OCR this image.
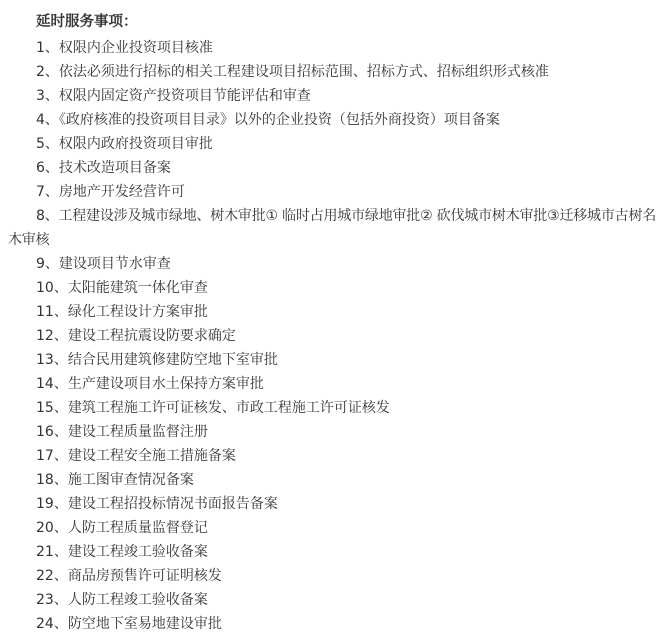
延时服务事项：
1、权限内企业投资项目核准
2、依法必须进行招标的相关工程建设项目招标范围、招标方式、招标组织形式核准
3、权限内固定资产投资项目节能评估和审查
4、《政府核准的投资项目目录》以外的企业投资（包括外商投资）项目备案
5、权限内政府投资项目审批
6、技术改造项目备案
7、房地产开发经营许可
8、工程建设涉及城市绿地、树木审批① 临时占用城市绿地审批② 砍伐城市树木审批③迁移城市古树名木审核
9、建设项目节水审查
10、太阳能建筑一体化审查
11、绿化工程设计方案审批
12、建设工程抗震设防要求确定
13、结合民用建筑修建防空地下室审批
14、生产建设项目水土保持方案审批
15、建筑工程施工许可证核发、市政工程施工许可证核发
16、建设工程质量监督注册
17、建设工程安全施工措施备案
18、施工图审查情况备案
19、建设工程招投标情况书面报告备案
20、人防工程质量监督登记
21、建设工程竣工验收备案
22、商品房预售许可证明核发
23、人防工程竣工验收备案
24、防空地下室易地建设审批
